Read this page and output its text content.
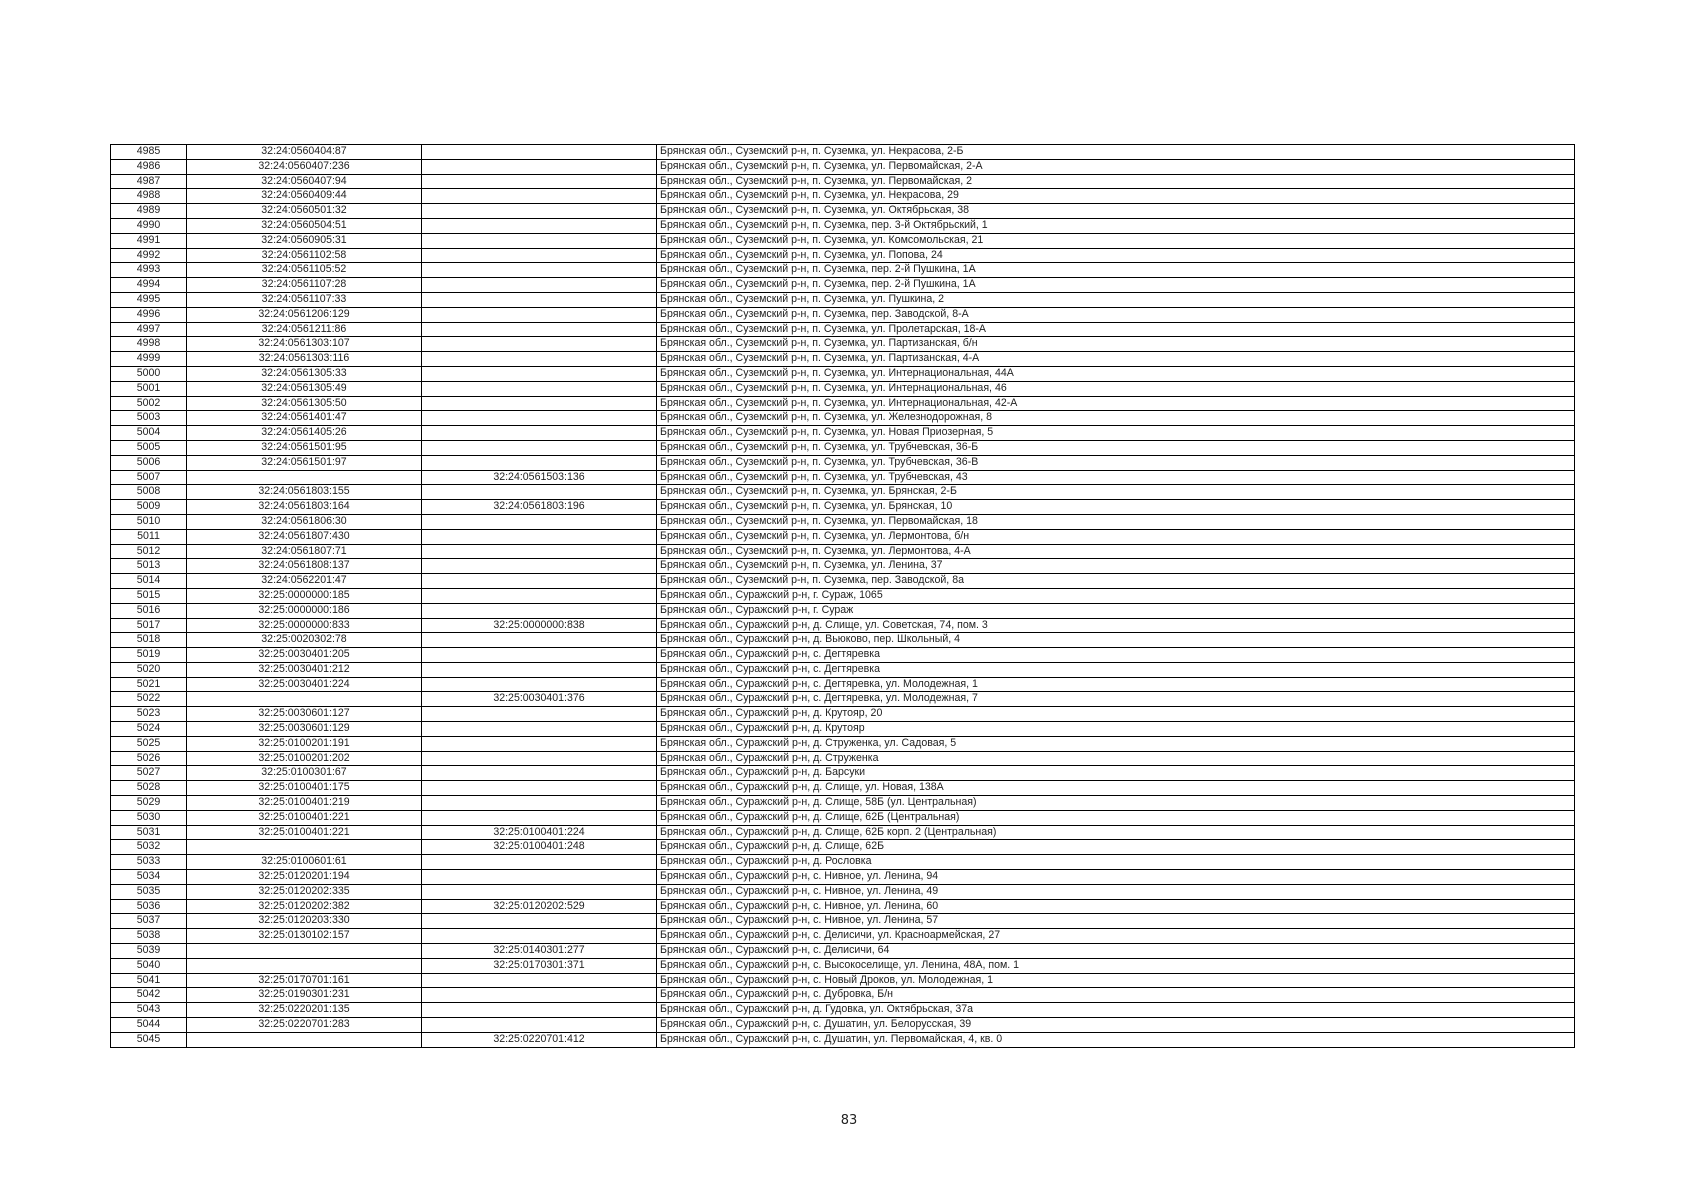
4985	32:24:0560404:87		Брянская обл., Суземский р-н, п. Суземка, ул. Некрасова, 2-Б
4986	32:24:0560407:236		Брянская обл., Суземский р-н, п. Суземка, ул. Первомайская, 2-А
4987	32:24:0560407:94		Брянская обл., Суземский р-н, п. Суземка, ул. Первомайская, 2
4988	32:24:0560409:44		Брянская обл., Суземский р-н, п. Суземка, ул. Некрасова, 29
4989	32:24:0560501:32		Брянская обл., Суземский р-н, п. Суземка, ул. Октябрьская, 38
4990	32:24:0560504:51		Брянская обл., Суземский р-н, п. Суземка, пер. 3-й Октябрьский, 1
4991	32:24:0560905:31		Брянская обл., Суземский р-н, п. Суземка, ул. Комсомольская, 21
4992	32:24:0561102:58		Брянская обл., Суземский р-н, п. Суземка, ул. Попова, 24
4993	32:24:0561105:52		Брянская обл., Суземский р-н, п. Суземка, пер. 2-й Пушкина, 1А
4994	32:24:0561107:28		Брянская обл., Суземский р-н, п. Суземка, пер. 2-й Пушкина, 1А
4995	32:24:0561107:33		Брянская обл., Суземский р-н, п. Суземка, ул. Пушкина, 2
4996	32:24:0561206:129		Брянская обл., Суземский р-н, п. Суземка, пер. Заводской, 8-А
4997	32:24:0561211:86		Брянская обл., Суземский р-н, п. Суземка, ул. Пролетарская, 18-А
4998	32:24:0561303:107		Брянская обл., Суземский р-н, п. Суземка, ул. Партизанская, б/н
4999	32:24:0561303:116		Брянская обл., Суземский р-н, п. Суземка, ул. Партизанская, 4-А
5000	32:24:0561305:33		Брянская обл., Суземский р-н, п. Суземка, ул. Интернациональная, 44А
5001	32:24:0561305:49		Брянская обл., Суземский р-н, п. Суземка, ул. Интернациональная, 46
5002	32:24:0561305:50		Брянская обл., Суземский р-н, п. Суземка, ул. Интернациональная, 42-А
5003	32:24:0561401:47		Брянская обл., Суземский р-н, п. Суземка, ул. Железнодорожная, 8
5004	32:24:0561405:26		Брянская обл., Суземский р-н, п. Суземка, ул. Новая Приозерная, 5
5005	32:24:0561501:95		Брянская обл., Суземский р-н, п. Суземка, ул. Трубчевская, 36-Б
5006	32:24:0561501:97		Брянская обл., Суземский р-н, п. Суземка, ул. Трубчевская, 36-В
5007		32:24:0561503:136	Брянская обл., Суземский р-н, п. Суземка, ул. Трубчевская, 43
5008	32:24:0561803:155		Брянская обл., Суземский р-н, п. Суземка, ул. Брянская, 2-Б
5009	32:24:0561803:164	32:24:0561803:196	Брянская обл., Суземский р-н, п. Суземка, ул. Брянская, 10
5010	32:24:0561806:30		Брянская обл., Суземский р-н, п. Суземка, ул. Первомайская, 18
5011	32:24:0561807:430		Брянская обл., Суземский р-н, п. Суземка, ул. Лермонтова, б/н
5012	32:24:0561807:71		Брянская обл., Суземский р-н, п. Суземка, ул. Лермонтова, 4-А
5013	32:24:0561808:137		Брянская обл., Суземский р-н, п. Суземка, ул. Ленина, 37
5014	32:24:0562201:47		Брянская обл., Суземский р-н, п. Суземка, пер. Заводской, 8а
5015	32:25:0000000:185		Брянская обл., Суражский р-н, г. Сураж, 1065
5016	32:25:0000000:186		Брянская обл., Суражский р-н, г. Сураж
5017	32:25:0000000:833	32:25:0000000:838	Брянская обл., Суражский р-н, д. Слище, ул. Советская, 74, пом. 3
5018	32:25:0020302:78		Брянская обл., Суражский р-н, д. Вьюково, пер. Школьный, 4
5019	32:25:0030401:205		Брянская обл., Суражский р-н, с. Дегтяревка
5020	32:25:0030401:212		Брянская обл., Суражский р-н, с. Дегтяревка
5021	32:25:0030401:224		Брянская обл., Суражский р-н, с. Дегтяревка, ул. Молодежная, 1
5022		32:25:0030401:376	Брянская обл., Суражский р-н, с. Дегтяревка, ул. Молодежная, 7
5023	32:25:0030601:127		Брянская обл., Суражский р-н, д. Крутояр, 20
5024	32:25:0030601:129		Брянская обл., Суражский р-н, д. Крутояр
5025	32:25:0100201:191		Брянская обл., Суражский р-н, д. Струженка, ул. Садовая, 5
5026	32:25:0100201:202		Брянская обл., Суражский р-н, д. Струженка
5027	32:25:0100301:67		Брянская обл., Суражский р-н, д. Барсуки
5028	32:25:0100401:175		Брянская обл., Суражский р-н, д. Слище, ул. Новая, 138А
5029	32:25:0100401:219		Брянская обл., Суражский р-н, д. Слище, 58Б (ул. Центральная)
5030	32:25:0100401:221		Брянская обл., Суражский р-н, д. Слище, 62Б (Центральная)
5031	32:25:0100401:221	32:25:0100401:224	Брянская обл., Суражский р-н, д. Слище, 62Б корп. 2 (Центральная)
5032		32:25:0100401:248	Брянская обл., Суражский р-н, д. Слище, 62Б
5033	32:25:0100601:61		Брянская обл., Суражский р-н, д. Рословка
5034	32:25:0120201:194		Брянская обл., Суражский р-н, с. Нивное, ул. Ленина, 94
5035	32:25:0120202:335		Брянская обл., Суражский р-н, с. Нивное, ул. Ленина, 49
5036	32:25:0120202:382	32:25:0120202:529	Брянская обл., Суражский р-н, с. Нивное, ул. Ленина, 60
5037	32:25:0120203:330		Брянская обл., Суражский р-н, с. Нивное, ул. Ленина, 57
5038	32:25:0130102:157		Брянская обл., Суражский р-н, с. Делисичи, ул. Красноармейская, 27
5039		32:25:0140301:277	Брянская обл., Суражский р-н, с. Делисичи, 64
5040		32:25:0170301:371	Брянская обл., Суражский р-н, с. Высокоселище, ул. Ленина, 48А, пом. 1
5041	32:25:0170701:161		Брянская обл., Суражский р-н, с. Новый Дроков, ул. Молодежная, 1
5042	32:25:0190301:231		Брянская обл., Суражский р-н, с. Дубровка, Б/н
5043	32:25:0220201:135		Брянская обл., Суражский р-н, д. Гудовка, ул. Октябрьская, 37а
5044	32:25:0220701:283		Брянская обл., Суражский р-н, с. Душатин, ул. Белорусская, 39
5045		32:25:0220701:412	Брянская обл., Суражский р-н, с. Душатин, ул. Первомайская, 4, кв. 0
83
